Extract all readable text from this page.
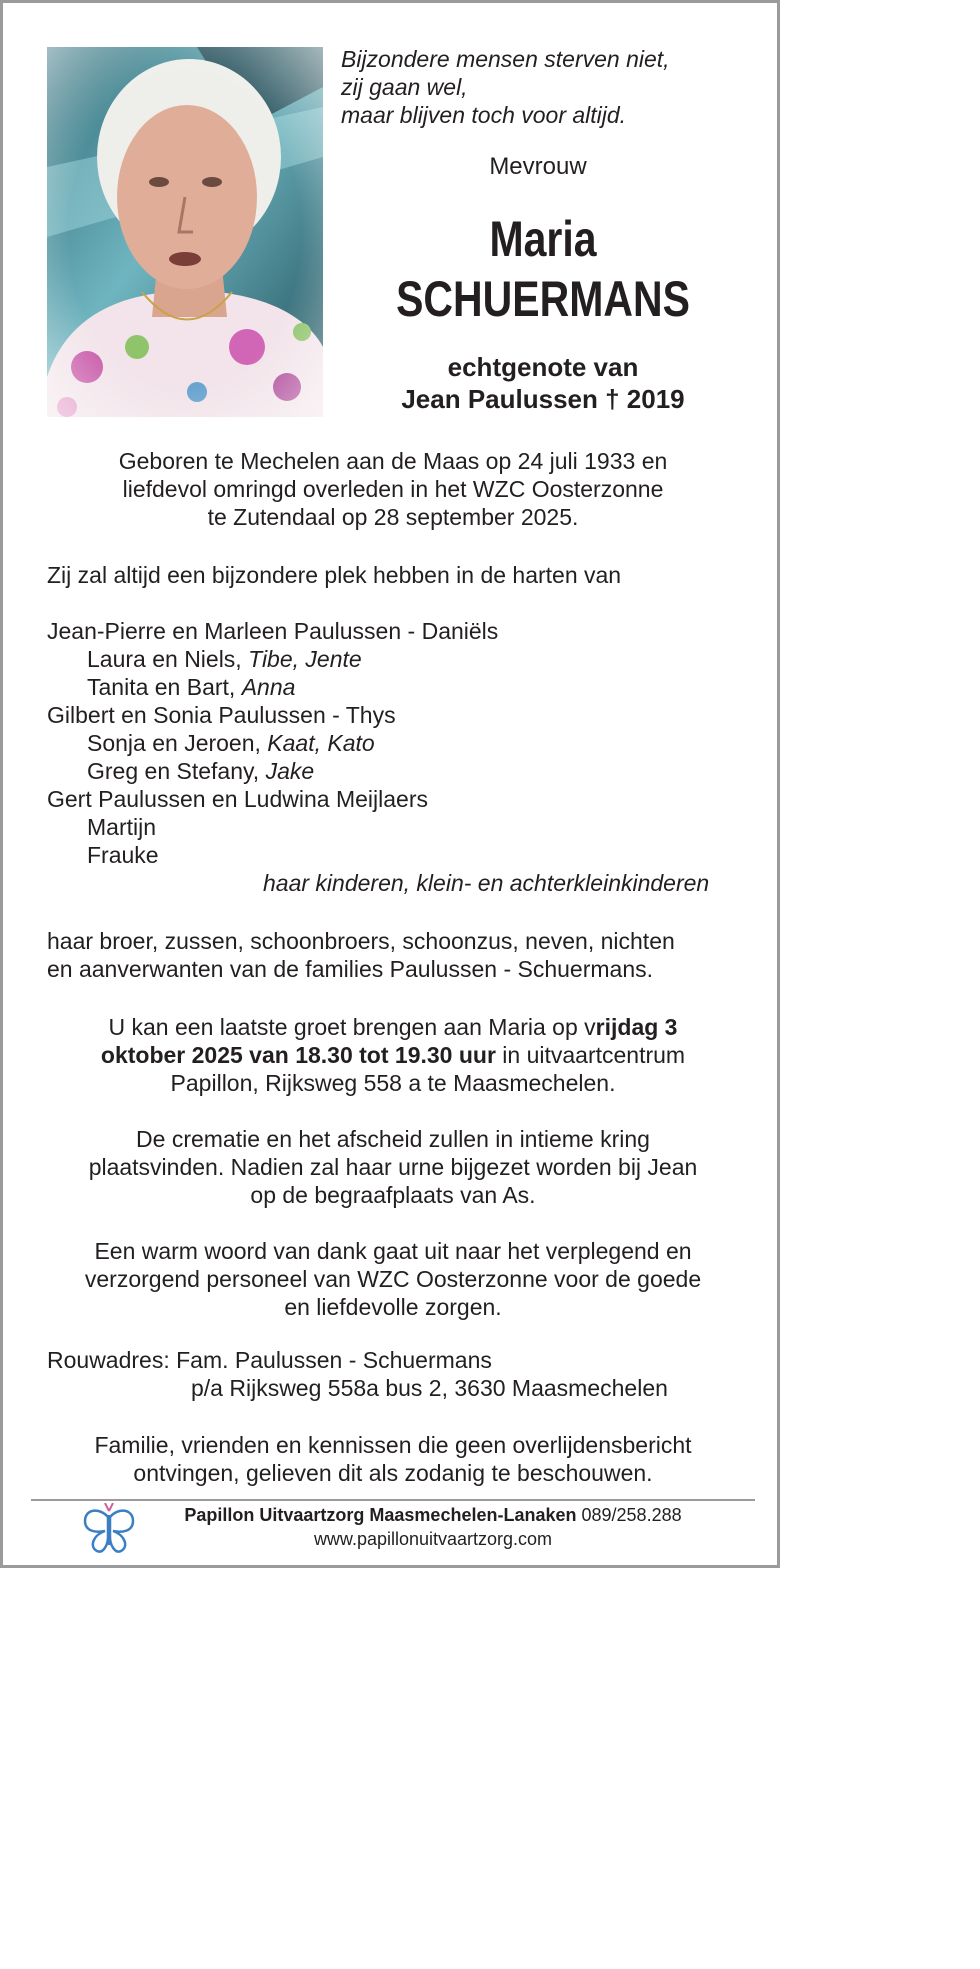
Bijzondere mensen sterven niet,
zij gaan wel,
maar blijven toch voor altijd.
Mevrouw
Maria
SCHUERMANS
echtgenote van
Jean Paulussen † 2019
Geboren te Mechelen aan de Maas op 24 juli 1933 en
liefdevol omringd overleden in het WZC Oosterzonne
te Zutendaal op 28 september 2025.
Zij zal altijd een bijzondere plek hebben in de harten van
Jean-Pierre en Marleen Paulussen - Daniëls
Laura en Niels, Tibe, Jente
Tanita en Bart, Anna
Gilbert en Sonia Paulussen - Thys
Sonja en Jeroen, Kaat, Kato
Greg en Stefany, Jake
Gert Paulussen en Ludwina Meijlaers
Martijn
Frauke
haar kinderen, klein- en achterkleinkinderen
haar broer, zussen, schoonbroers, schoonzus, neven, nichten
en aanverwanten van de families Paulussen - Schuermans.
U kan een laatste groet brengen aan Maria op vrijdag 3
oktober 2025 van 18.30 tot 19.30 uur in uitvaartcentrum
Papillon, Rijksweg 558 a te Maasmechelen.
De crematie en het afscheid zullen in intieme kring
plaatsvinden. Nadien zal haar urne bijgezet worden bij Jean
op de begraafplaats van As.
Een warm woord van dank gaat uit naar het verplegend en
verzorgend personeel van WZC Oosterzonne voor de goede
en liefdevolle zorgen.
Rouwadres: Fam. Paulussen - Schuermans
p/a Rijksweg 558a bus 2, 3630 Maasmechelen
Familie, vrienden en kennissen die geen overlijdensbericht
ontvingen, gelieven dit als zodanig te beschouwen.
Papillon Uitvaartzorg Maasmechelen-Lanaken 089/258.288
www.papillonuitvaartzorg.com
